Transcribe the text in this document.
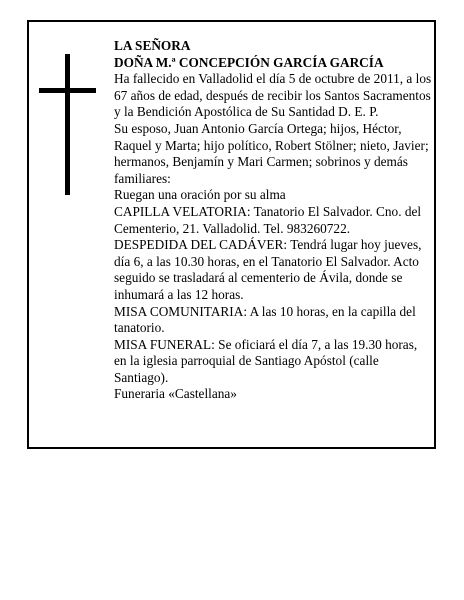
LA SEÑORA

DOÑA M.ª CONCEPCIÓN GARCÍA GARCÍA

Ha fallecido en Valladolid el día 5 de octubre de 2011, a los 67 años de edad, después de recibir los Santos Sacramentos y la Bendición Apostólica de Su Santidad D. E. P.

Su esposo, Juan Antonio García Ortega; hijos, Héctor, Raquel y Marta; hijo político, Robert Stölner; nieto, Javier; hermanos, Benjamín y Mari Carmen; sobrinos y demás familiares:

Ruegan una oración por su alma

CAPILLA VELATORIA: Tanatorio El Salvador. Cno. del Cementerio, 21. Valladolid. Tel. 983260722.

DESPEDIDA DEL CADÁVER: Tendrá lugar hoy jueves, día 6, a las 10.30 horas, en el Tanatorio El Salvador. Acto seguido se trasladará al cementerio de Ávila, donde se inhumará a las 12 horas.

MISA COMUNITARIA: A las 10 horas, en la capilla del tanatorio.

MISA FUNERAL: Se oficiará el día 7, a las 19.30 horas, en la iglesia parroquial de Santiago Apóstol (calle Santiago).

Funeraria «Castellana»
